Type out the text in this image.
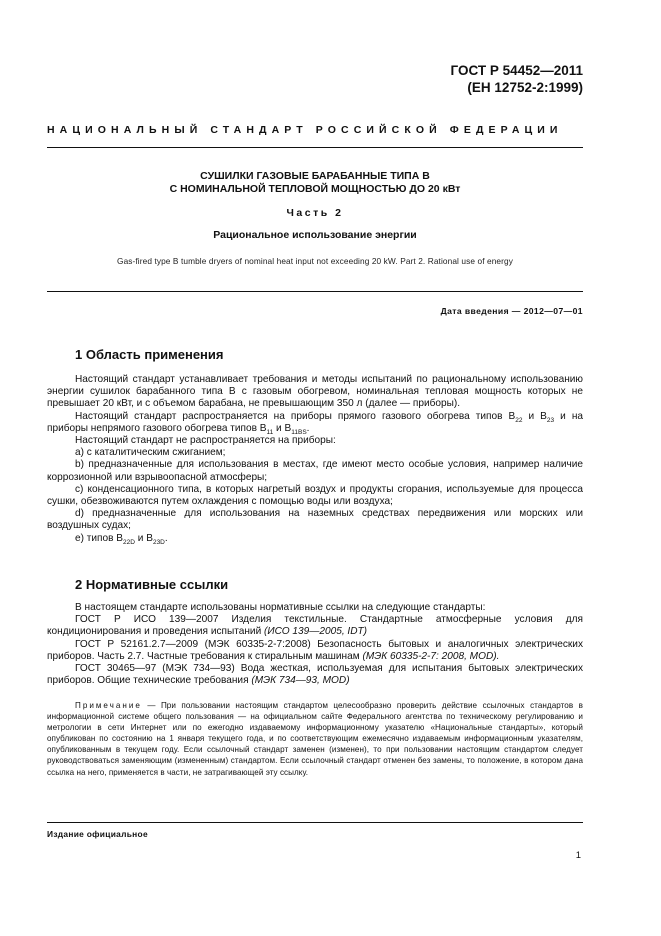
ГОСТ Р 54452—2011
(ЕН 12752-2:1999)
НАЦИОНАЛЬНЫЙ СТАНДАРТ РОССИЙСКОЙ ФЕДЕРАЦИИ
СУШИЛКИ ГАЗОВЫЕ БАРАБАННЫЕ ТИПА В
С НОМИНАЛЬНОЙ ТЕПЛОВОЙ МОЩНОСТЬЮ ДО 20 кВт
Часть 2
Рациональное использование энергии
Gas-fired type B tumble dryers of nominal heat input not exceeding 20 kW. Part 2. Rational use of energy
Дата введения — 2012—07—01
1 Область применения

Настоящий стандарт устанавливает требования и методы испытаний по рациональному использованию энергии сушилок барабанного типа В с газовым обогревом, номинальная тепловая мощность которых не превышает 20 кВт, и с объемом барабана, не превышающим 350 л (далее — приборы).

Настоящий стандарт распространяется на приборы прямого газового обогрева типов $В_{22}$ и $В_{23}$ и на приборы непрямого газового обогрева типов $В_{11}$ и $В_{11BS}$.

Настоящий стандарт не распространяется на приборы:

a) с каталитическим сжиганием;

b) предназначенные для использования в местах, где имеют место особые условия, например наличие коррозионной или взрывоопасной атмосферы;

c) конденсационного типа, в которых нагретый воздух и продукты сгорания, используемые для процесса сушки, обезвоживаются путем охлаждения с помощью воды или воздуха;

d) предназначенные для использования на наземных средствах передвижения или морских или воздушных судах;

e) типов $В_{22D}$ и $В_{23D}$.

2 Нормативные ссылки

В настоящем стандарте использованы нормативные ссылки на следующие стандарты:

ГОСТ Р ИСО 139—2007 Изделия текстильные. Стандартные атмосферные условия для кондиционирования и проведения испытаний (ИСО 139—2005, IDT)

ГОСТ Р 52161.2.7—2009 (МЭК 60335-2-7:2008) Безопасность бытовых и аналогичных электрических приборов. Часть 2.7. Частные требования к стиральным машинам (МЭК 60335-2-7: 2008, MOD).

ГОСТ 30465—97 (МЭК 734—93) Вода жесткая, используемая для испытания бытовых электрических приборов. Общие технические требования (МЭК 734—93, MOD)

Примечание — При пользовании настоящим стандартом целесообразно проверить действие ссылочных стандартов в информационной системе общего пользования — на официальном сайте Федерального агентства по техническому регулированию и метрологии в сети Интернет или по ежегодно издаваемому информационному указателю «Национальные стандарты», который опубликован по состоянию на 1 января текущего года, и по соответствующим ежемесячно издаваемым информационным указателям, опубликованным в текущем году. Если ссылочный стандарт заменен (изменен), то при пользовании настоящим стандартом следует руководствоваться заменяющим (измененным) стандартом. Если ссылочный стандарт отменен без замены, то положение, в котором дана ссылка на него, применяется в части, не затрагивающей эту ссылку.

Издание официальное
1
